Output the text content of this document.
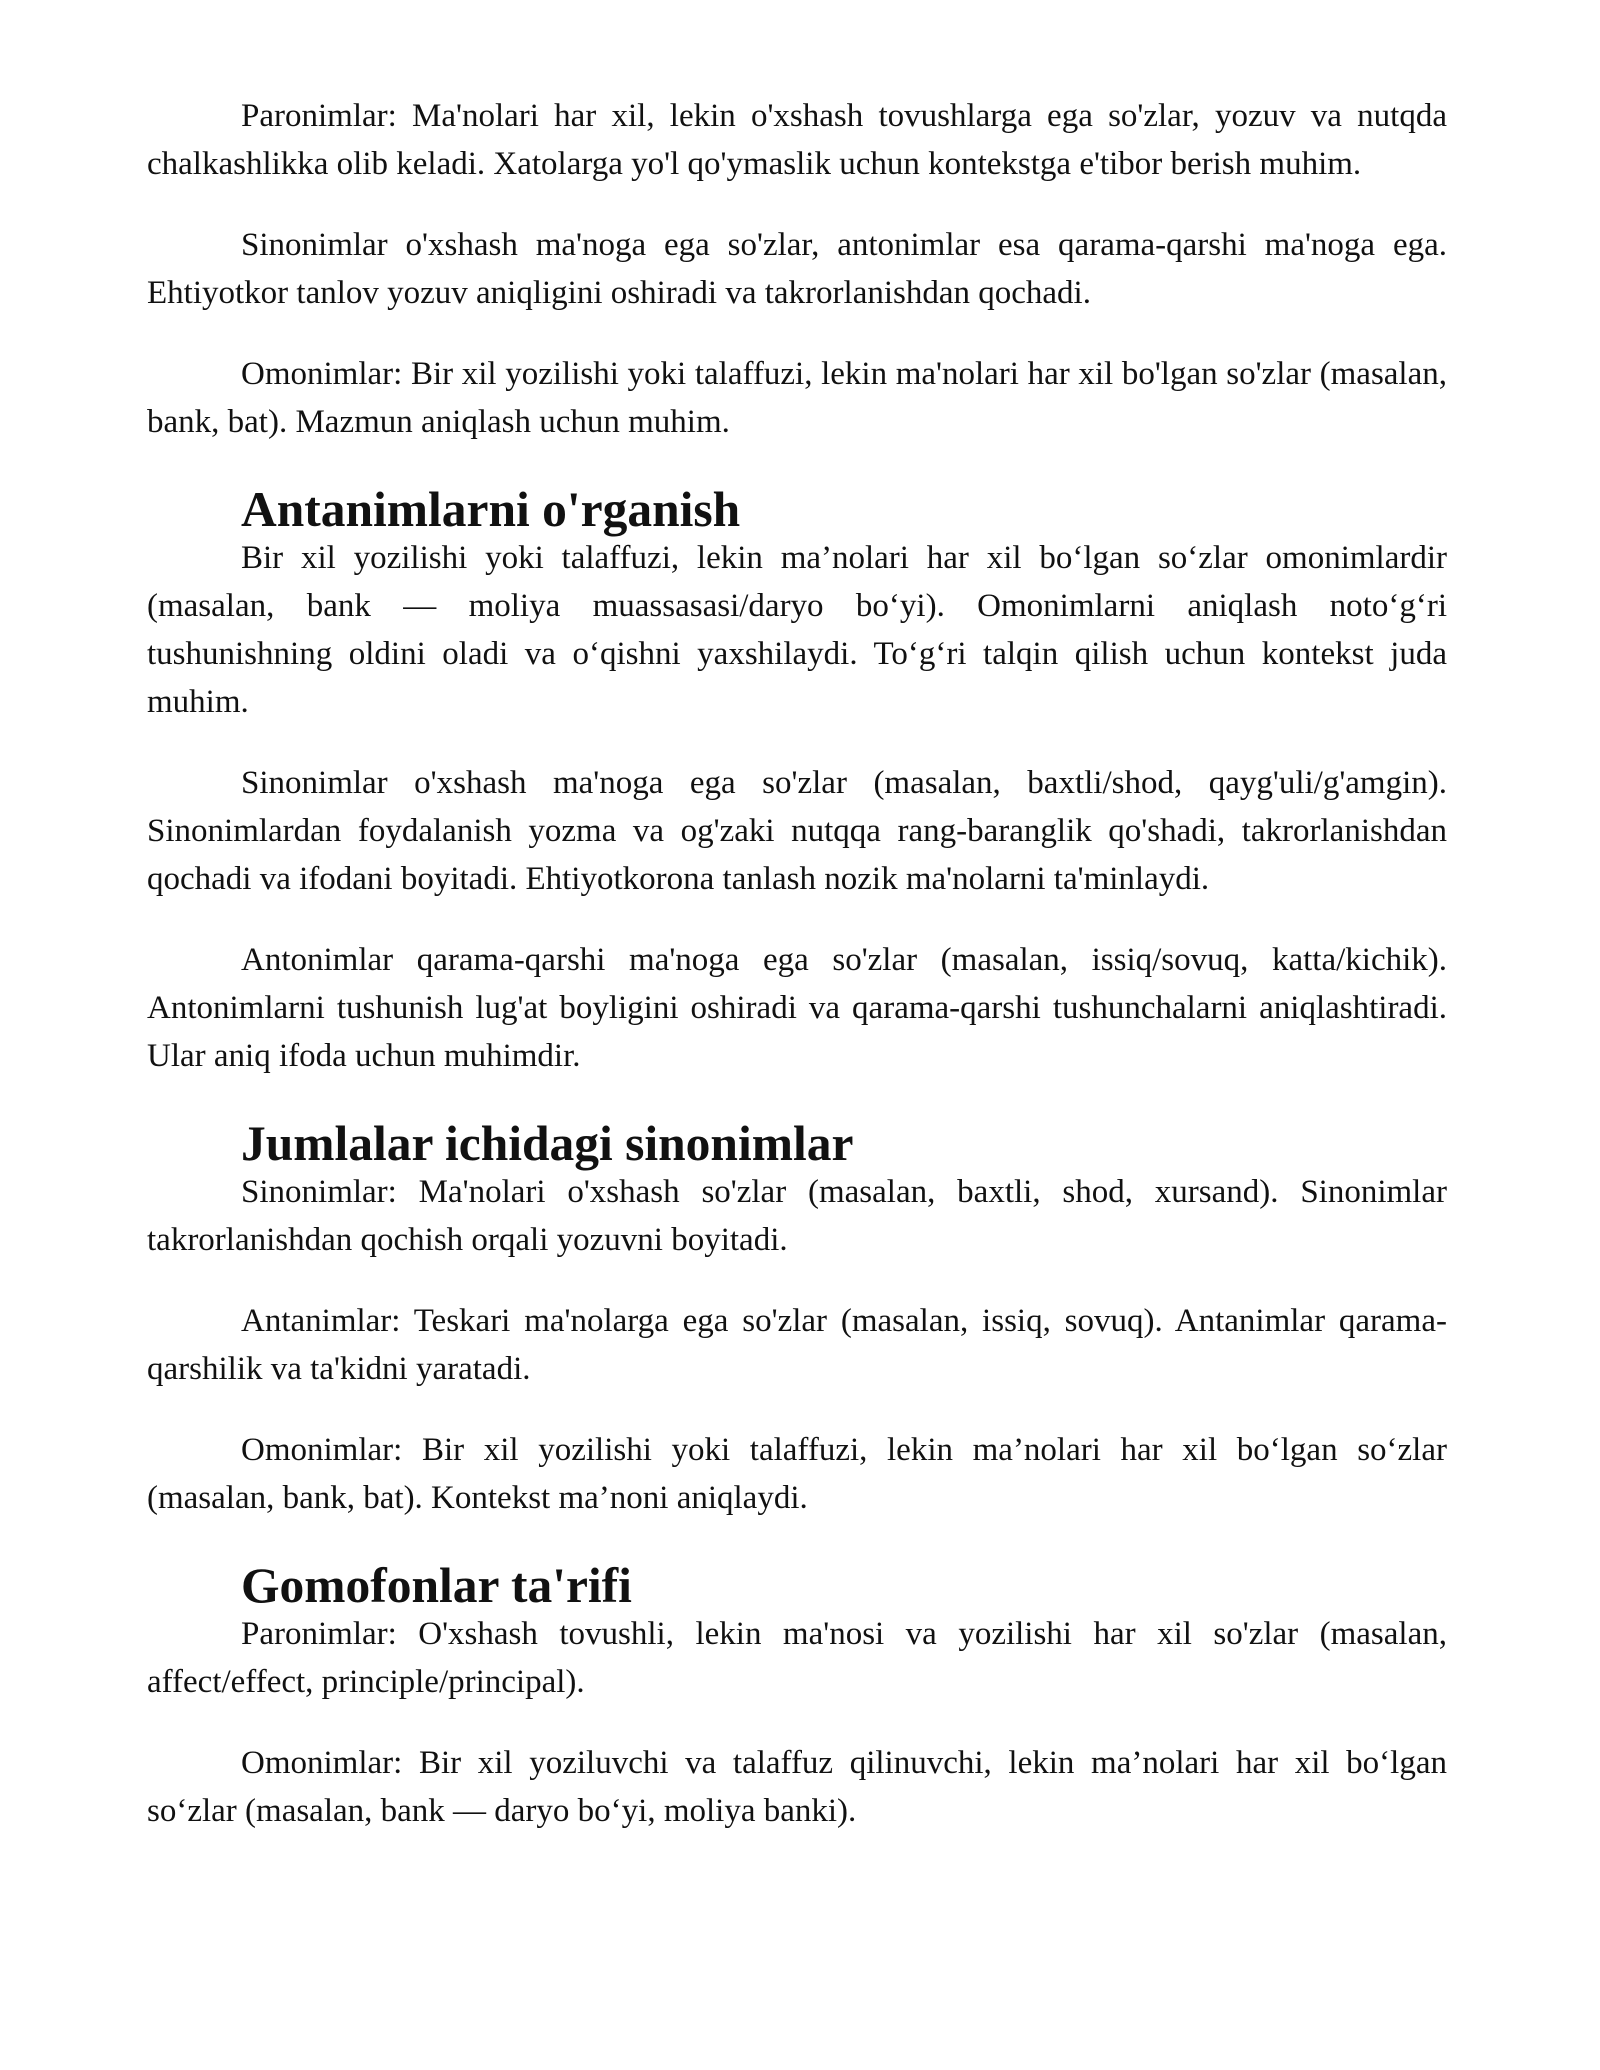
Paronimlar: Ma'nolari har xil, lekin o'xshash tovushlarga ega so'zlar, yozuv va nutqda chalkashlikka olib keladi. Xatolarga yo'l qo'ymaslik uchun kontekstga e'tibor berish muhim.

Sinonimlar o'xshash ma'noga ega so'zlar, antonimlar esa qarama-qarshi ma'noga ega. Ehtiyotkor tanlov yozuv aniqligini oshiradi va takrorlanishdan qochadi.

Omonimlar: Bir xil yozilishi yoki talaffuzi, lekin ma'nolari har xil bo'lgan so'zlar (masalan, bank, bat). Mazmun aniqlash uchun muhim.

Antanimlarni o'rganish

Bir xil yozilishi yoki talaffuzi, lekin ma’nolari har xil bo‘lgan so‘zlar omonimlardir (masalan, bank — moliya muassasasi/daryo bo‘yi). Omonimlarni aniqlash noto‘g‘ri tushunishning oldini oladi va o‘qishni yaxshilaydi. To‘g‘ri talqin qilish uchun kontekst juda muhim.

Sinonimlar o'xshash ma'noga ega so'zlar (masalan, baxtli/shod, qayg'uli/g'amgin). Sinonimlardan foydalanish yozma va og'zaki nutqqa rang-baranglik qo'shadi, takrorlanishdan qochadi va ifodani boyitadi. Ehtiyotkorona tanlash nozik ma'nolarni ta'minlaydi.

Antonimlar qarama-qarshi ma'noga ega so'zlar (masalan, issiq/sovuq, katta/kichik). Antonimlarni tushunish lug'at boyligini oshiradi va qarama-qarshi tushunchalarni aniqlashtiradi. Ular aniq ifoda uchun muhimdir.

Jumlalar ichidagi sinonimlar

Sinonimlar: Ma'nolari o'xshash so'zlar (masalan, baxtli, shod, xursand). Sinonimlar takrorlanishdan qochish orqali yozuvni boyitadi.

Antanimlar: Teskari ma'nolarga ega so'zlar (masalan, issiq, sovuq). Antanimlar qarama-qarshilik va ta'kidni yaratadi.

Omonimlar: Bir xil yozilishi yoki talaffuzi, lekin ma’nolari har xil bo‘lgan so‘zlar (masalan, bank, bat). Kontekst ma’noni aniqlaydi.

Gomofonlar ta'rifi

Paronimlar: O'xshash tovushli, lekin ma'nosi va yozilishi har xil so'zlar (masalan, affect/effect, principle/principal).

Omonimlar: Bir xil yoziluvchi va talaffuz qilinuvchi, lekin ma’nolari har xil bo‘lgan so‘zlar (masalan, bank — daryo bo‘yi, moliya banki).
